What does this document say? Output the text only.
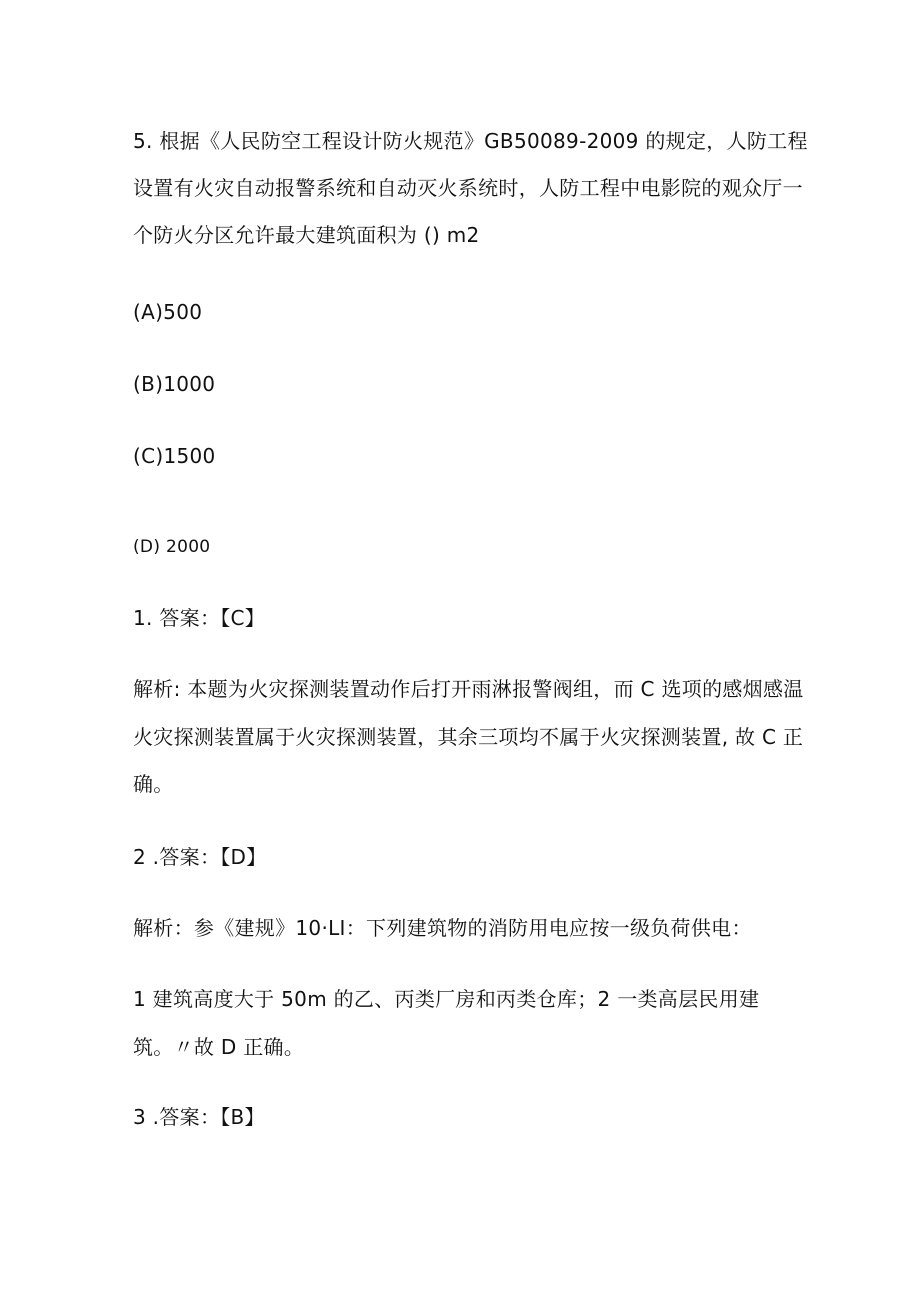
5. 根据《人民防空工程设计防火规范》GB50089-2009 的规定，人防工程
设置有火灾自动报警系统和自动灭火系统时，人防工程中电影院的观众厅一
个防火分区允许最大建筑面积为 () m2
(A)500
(B)1000
(C)1500
(D) 2000
1. 答案：【C】
解析: 本题为火灾探测装置动作后打开雨淋报警阀组，而 C 选项的感烟感温
火灾探测装置属于火灾探测装置，其余三项均不属于火灾探测装置, 故 C 正
确。
2 .答案：【D】
解析：参《建规》10·LI：下列建筑物的消防用电应按一级负荷供电：
1 建筑高度大于 50m 的乙、丙类厂房和丙类仓库；2 一类高层民用建
筑。〃故 D 正确。
3 .答案：【B】
